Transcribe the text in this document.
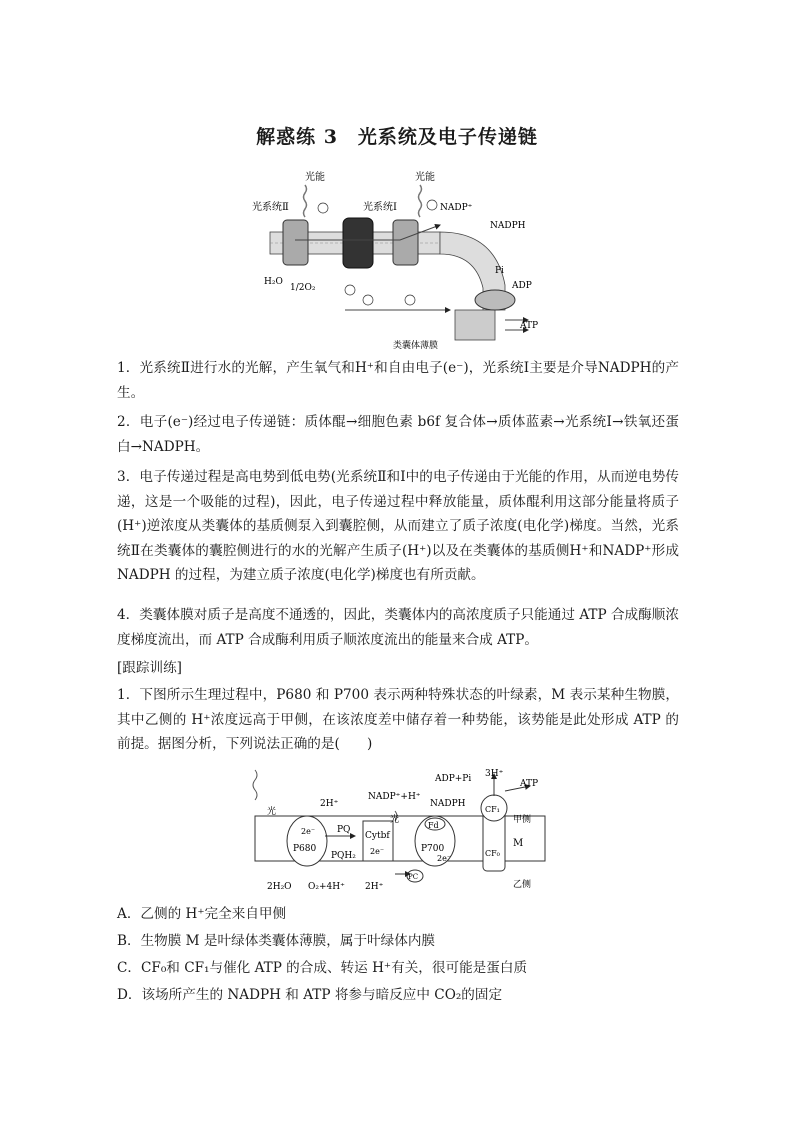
解惑练 3　光系统及电子传递链
光能	光能
光系统Ⅱ	光系统Ⅰ	NADP⁺
NADPH
H₂O
1/2O₂
Pi
ADP
ATP
类囊体薄膜
1．光系统Ⅱ进行水的光解，产生氧气和H⁺和自由电子(e⁻)，光系统Ⅰ主要是介导NADPH的产生。
2．电子(e⁻)经过电子传递链：质体醌→细胞色素 b6f 复合体→质体蓝素→光系统Ⅰ→铁氧还蛋白→NADPH。
3．电子传递过程是高电势到低电势(光系统Ⅱ和Ⅰ中的电子传递由于光能的作用，从而逆电势传递，这是一个吸能的过程)，因此，电子传递过程中释放能量，质体醌利用这部分能量将质子(H⁺)逆浓度从类囊体的基质侧泵入到囊腔侧，从而建立了质子浓度(电化学)梯度。当然，光系统Ⅱ在类囊体的囊腔侧进行的水的光解产生质子(H⁺)以及在类囊体的基质侧H⁺和NADP⁺形成 NADPH 的过程，为建立质子浓度(电化学)梯度也有所贡献。
4．类囊体膜对质子是高度不通透的，因此，类囊体内的高浓度质子只能通过 ATP 合成酶顺浓度梯度流出，而 ATP 合成酶利用质子顺浓度流出的能量来合成 ATP。
[跟踪训练]
1．下图所示生理过程中，P680 和 P700 表示两种特殊状态的叶绿素，M 表示某种生物膜，其中乙侧的 H⁺浓度远高于甲侧，在该浓度差中储存着一种势能，该势能是此处形成 ATP 的前提。据图分析，下列说法正确的是(　　)
光
光
2H⁺
NADP⁺+H⁺
NADPH
ADP+Pi 3H⁺
ATP
甲侧
乙侧
M
P680	P700
2e⁻
2e⁻
2e⁻
PQ
PQH₂
Cytbf
Fd
PC
CF₁
CF₀
2H₂O O₂+4H⁺ 2H⁺
A．乙侧的 H⁺完全来自甲侧
B．生物膜 M 是叶绿体类囊体薄膜，属于叶绿体内膜
C．CF₀和 CF₁与催化 ATP 的合成、转运 H⁺有关，很可能是蛋白质
D．该场所产生的 NADPH 和 ATP 将参与暗反应中 CO₂的固定
